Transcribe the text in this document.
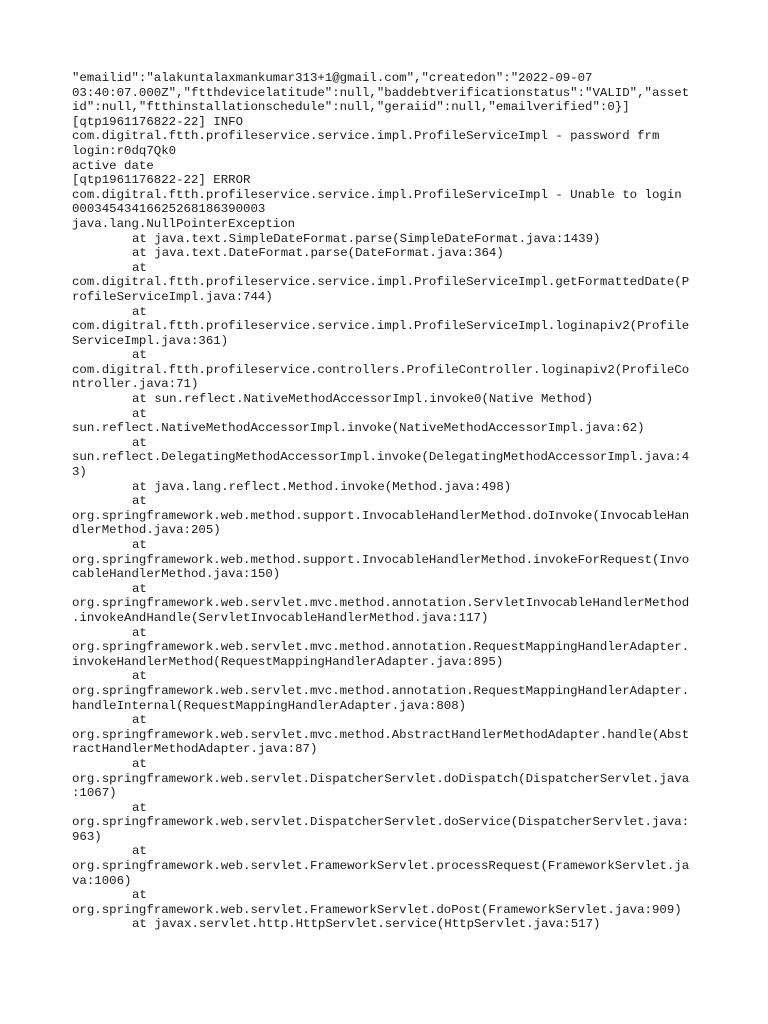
"emailid":"alakuntalaxmankumar313+1@gmail.com","createdon":"2022-09-07
03:40:07.000Z","ftthdevicelatitude":null,"baddebtverificationstatus":"VALID","asset
id":null,"ftthinstallationschedule":null,"geraiid":null,"emailverified":0}]
[qtp1961176822-22] INFO
com.digitral.ftth.profileservice.service.impl.ProfileServiceImpl - password frm
login:r0dq7Qk0
active date
[qtp1961176822-22] ERROR
com.digitral.ftth.profileservice.service.impl.ProfileServiceImpl - Unable to login
00034543416625268186390003
java.lang.NullPointerException
at java.text.SimpleDateFormat.parse(SimpleDateFormat.java:1439)
at java.text.DateFormat.parse(DateFormat.java:364)
at
com.digitral.ftth.profileservice.service.impl.ProfileServiceImpl.getFormattedDate(P
rofileServiceImpl.java:744)
at
com.digitral.ftth.profileservice.service.impl.ProfileServiceImpl.loginapiv2(Profile
ServiceImpl.java:361)
at
com.digitral.ftth.profileservice.controllers.ProfileController.loginapiv2(ProfileCo
ntroller.java:71)
at sun.reflect.NativeMethodAccessorImpl.invoke0(Native Method)
at
sun.reflect.NativeMethodAccessorImpl.invoke(NativeMethodAccessorImpl.java:62)
at
sun.reflect.DelegatingMethodAccessorImpl.invoke(DelegatingMethodAccessorImpl.java:4
3)
at java.lang.reflect.Method.invoke(Method.java:498)
at
org.springframework.web.method.support.InvocableHandlerMethod.doInvoke(InvocableHan
dlerMethod.java:205)
at
org.springframework.web.method.support.InvocableHandlerMethod.invokeForRequest(Invo
cableHandlerMethod.java:150)
at
org.springframework.web.servlet.mvc.method.annotation.ServletInvocableHandlerMethod
.invokeAndHandle(ServletInvocableHandlerMethod.java:117)
at
org.springframework.web.servlet.mvc.method.annotation.RequestMappingHandlerAdapter.
invokeHandlerMethod(RequestMappingHandlerAdapter.java:895)
at
org.springframework.web.servlet.mvc.method.annotation.RequestMappingHandlerAdapter.
handleInternal(RequestMappingHandlerAdapter.java:808)
at
org.springframework.web.servlet.mvc.method.AbstractHandlerMethodAdapter.handle(Abst
ractHandlerMethodAdapter.java:87)
at
org.springframework.web.servlet.DispatcherServlet.doDispatch(DispatcherServlet.java
:1067)
at
org.springframework.web.servlet.DispatcherServlet.doService(DispatcherServlet.java:
963)
at
org.springframework.web.servlet.FrameworkServlet.processRequest(FrameworkServlet.ja
va:1006)
at
org.springframework.web.servlet.FrameworkServlet.doPost(FrameworkServlet.java:909)
at javax.servlet.http.HttpServlet.service(HttpServlet.java:517)
